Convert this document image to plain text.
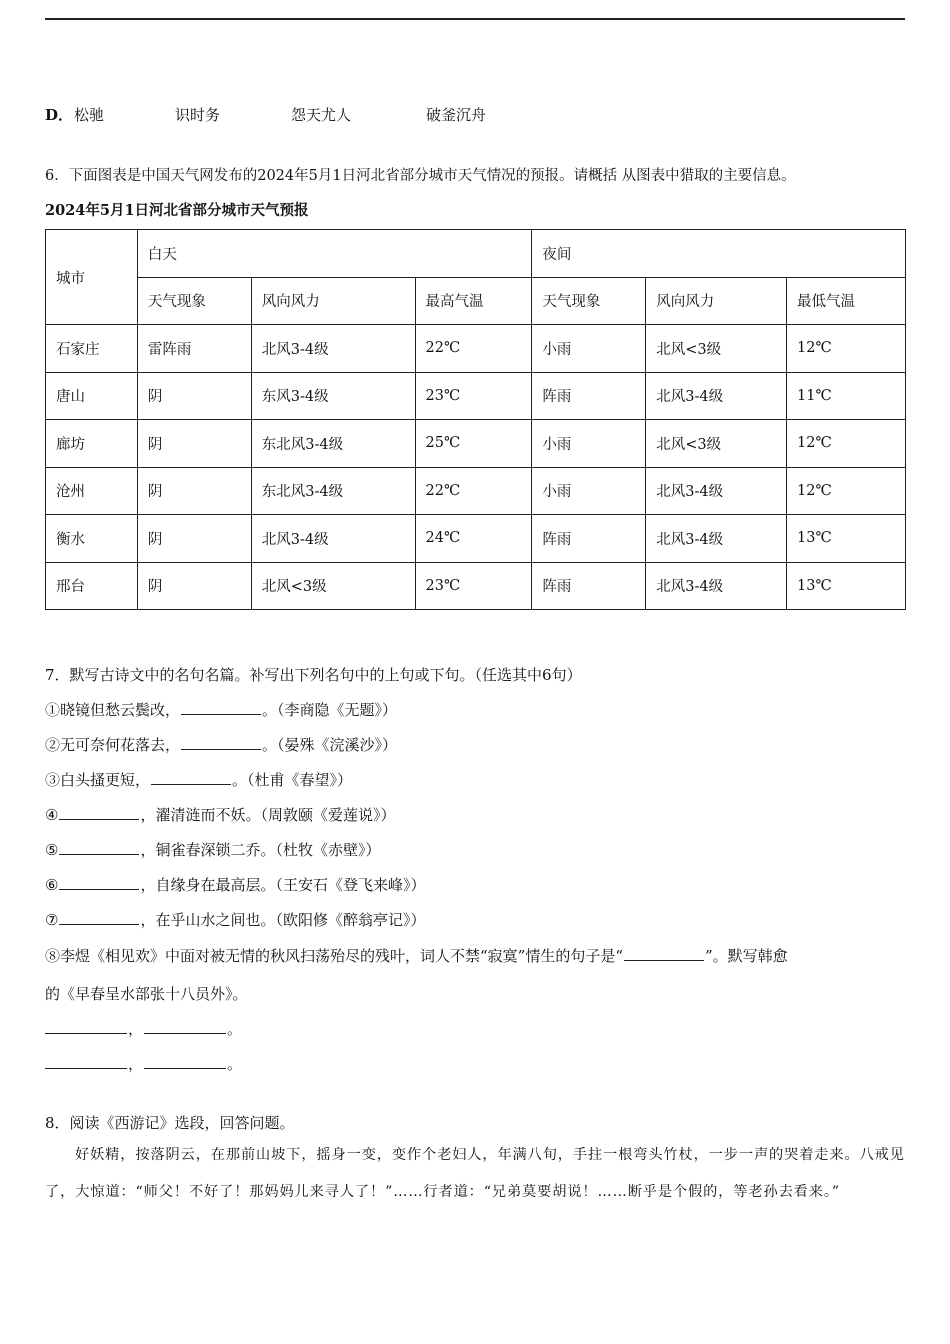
D． 松驰	识时务	怨天尤人	破釜沉舟
6．下面图表是中国天气网发布的2024年5月1日河北省部分城市天气情况的预报。请概括 从图表中猎取的主要信息。
2024年5月1日河北省部分城市天气预报
城市	白天			夜间		
	天气现象	风向风力	最高气温	天气现象	风向风力	最低气温
石家庄	雷阵雨	北风3-4级	22℃	小雨	北风<3级	12℃
唐山	阴	东风3-4级	23℃	阵雨	北风3-4级	11℃
廊坊	阴	东北风3-4级	25℃	小雨	北风<3级	12℃
沧州	阴	东北风3-4级	22℃	小雨	北风3-4级	12℃
衡水	阴	北风3-4级	24℃	阵雨	北风3-4级	13℃
邢台	阴	北风<3级	23℃	阵雨	北风3-4级	13℃
7．默写古诗文中的名句名篇。补写出下列名句中的上句或下句。（任选其中6句）
①晓镜但愁云鬓改，	。（李商隐《无题》）
②无可奈何花落去，	。（晏殊《浣溪沙》）
③白头搔更短，	。（杜甫《春望》）
④	，濯清涟而不妖。（周敦颐《爱莲说》）
⑤	，铜雀春深锁二乔。（杜牧《赤壁》）
⑥	，自缘身在最高层。（王安石《登飞来峰》）
⑦	，在乎山水之间也。（欧阳修《醉翁亭记》）
⑧李煜《相见欢》中面对被无情的秋风扫荡殆尽的残叶，词人不禁“寂寞”情生的句子是“	”。默写韩愈
的《早春呈水部张十八员外》。
，	。
，	。
8．阅读《西游记》选段，回答问题。
好妖精，按落阴云，在那前山坡下，摇身一变，变作个老妇人，年满八旬，手拄一根弯头竹杖，一步一声的哭着走来。八戒见了，大惊道：“师父！不好了！那妈妈儿来寻人了！”……行者道：“兄弟莫要胡说！……断乎是个假的，等老孙去看来。”
